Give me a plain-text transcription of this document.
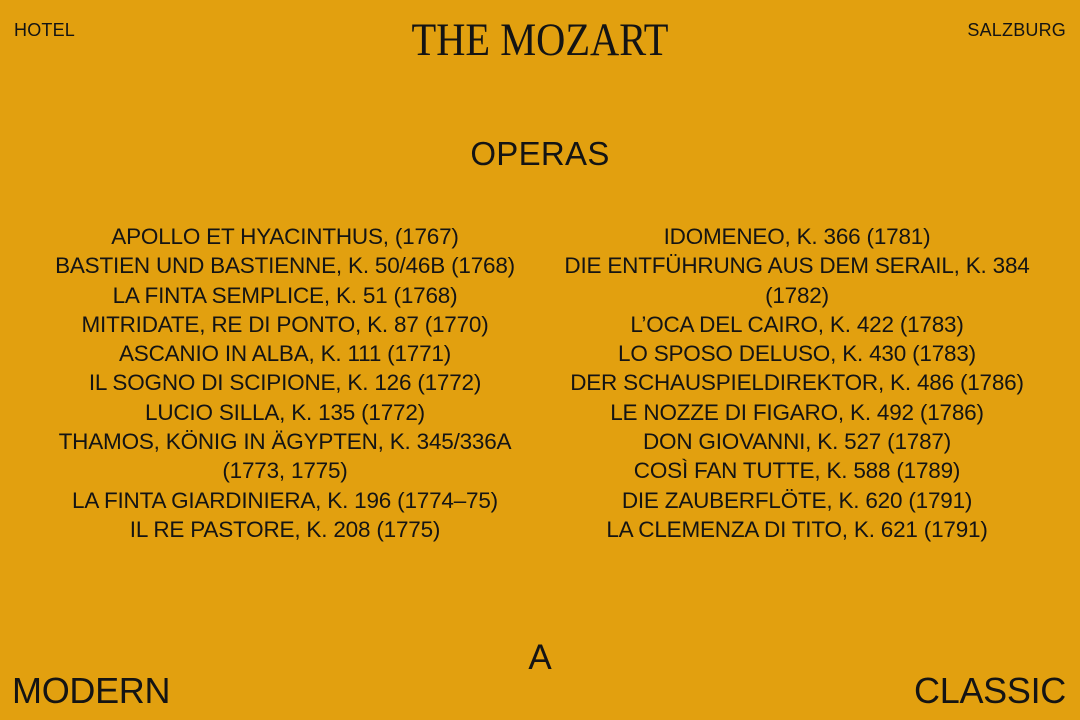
HOTEL	THE MOZART	SALZBURG
OPERAS
APOLLO ET HYACINTHUS, (1767)
BASTIEN UND BASTIENNE, K. 50/46B (1768)
LA FINTA SEMPLICE, K. 51 (1768)
MITRIDATE, RE DI PONTO, K. 87 (1770)
ASCANIO IN ALBA, K. 111 (1771)
IL SOGNO DI SCIPIONE, K. 126 (1772)
LUCIO SILLA, K. 135 (1772)
THAMOS, KÖNIG IN ÄGYPTEN, K. 345/336A (1773, 1775)
LA FINTA GIARDINIERA, K. 196 (1774–75)
IL RE PASTORE, K. 208 (1775)
IDOMENEO, K. 366 (1781)
DIE ENTFÜHRUNG AUS DEM SERAIL, K. 384 (1782)
L’OCA DEL CAIRO, K. 422 (1783)
LO SPOSO DELUSO, K. 430 (1783)
DER SCHAUSPIELDIREKTOR, K. 486 (1786)
LE NOZZE DI FIGARO, K. 492 (1786)
DON GIOVANNI, K. 527 (1787)
COSÌ FAN TUTTE, K. 588 (1789)
DIE ZAUBERFLÖTE, K. 620 (1791)
LA CLEMENZA DI TITO, K. 621 (1791)
A
MODERN	CLASSIC
